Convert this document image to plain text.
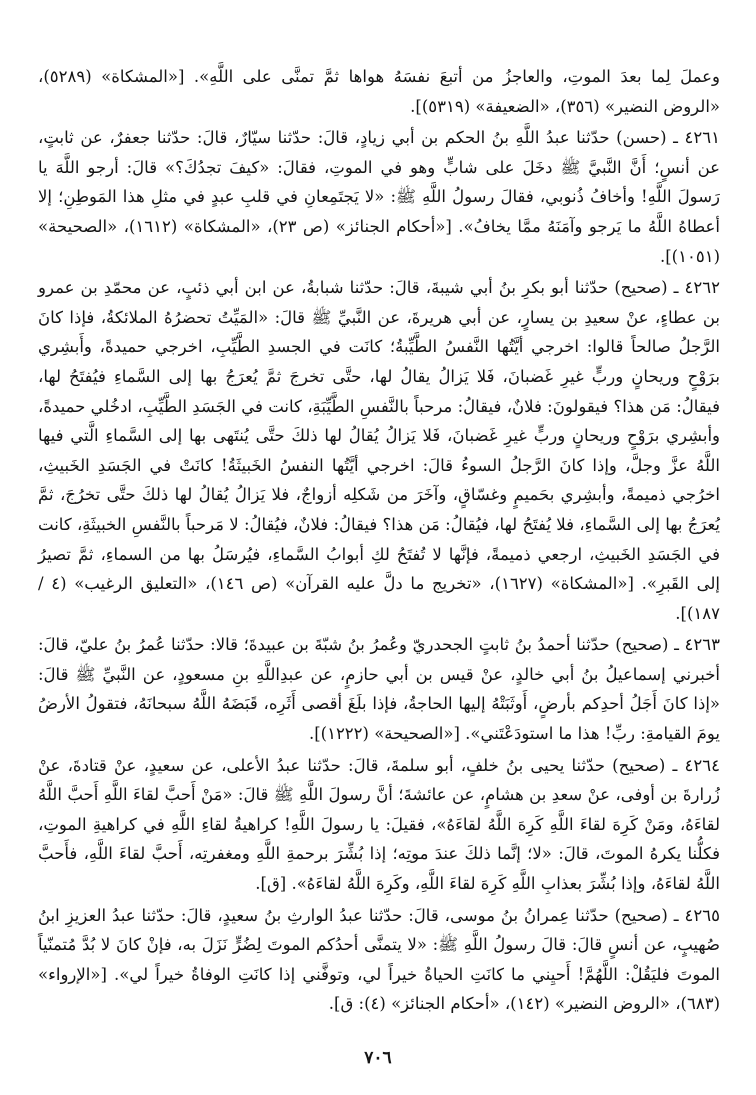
وعملَ لِما بعدَ الموتِ، والعاجزُ من أتبعَ نفسَهُ هواها ثمَّ تمنَّى على اللَّهِ». [«المشكاة» (٥٢٨٩)، «الروض النضير» (٣٥٦)، «الضعيفة» (٥٣١٩)].

٤٢٦١ ـ (حسن) حدّثنا عبدُ اللَّهِ بنُ الحكم بن أبي زيادٍ، قالَ: حدّثنا سيّارٌ، قالَ: حدّثنا جعفرٌ، عن ثابتٍ، عن أنسٍ؛ أَنَّ النَّبيَّ ﷺ دخَلَ على شابٍّ وهو في الموتِ، فقالَ: «كيفَ تجدُكَ؟» قالَ: أرجو اللَّهَ يا رَسولَ اللَّهِ! وأخافُ ذُنوبي، فقالَ رسولُ اللَّهِ ﷺ: «لا يَجتَمِعانِ في قلبِ عبدٍ في مثلِ هذا المَوطِنِ؛ إلا أعطاهُ اللَّهُ ما يَرجو وآمَنَهُ ممَّا يخافُ». [«أحكام الجنائز» (ص ٢٣)، «المشكاة» (١٦١٢)، «الصحيحة» (١٠٥١)].

٤٢٦٢ ـ (صحيح) حدّثنا أبو بكرِ بنُ أبي شيبةَ، قالَ: حدّثنا شبابةُ، عن ابن أبي ذئبٍ، عن محمّدِ بن عمرو بن عطاءٍ، عنْ سعيدِ بن يسارٍ، عن أبي هريرةَ، عن النَّبيِّ ﷺ قالَ: «المَيِّتُ تحضرُهُ الملائكةُ، فإذا كانَ الرَّجلُ صالحاً قالوا: اخرجي أيَّتُها النَّفسُ الطَّيِّبةُ؛ كانَت في الجسدِ الطَّيِّبِ، اخرجي حميدةً، وأَبشِري برَوْحٍ وريحانٍ وربٍّ غيرِ غَضبانَ، فَلا يَزالُ يقالُ لها، حتَّى تخرجَ ثمَّ يُعرَجُ بها إلى السَّماءِ فيُفتَحُ لها، فيقالُ: مَن هذا؟ فيقولونَ: فلانٌ، فيقالُ: مرحباً بالنَّفسِ الطَّيِّبَةِ، كانت في الجَسَدِ الطَّيِّبِ، ادخُلي حميدةً، وأبشِري برَوْحٍ وريحانٍ وربٍّ غيرِ غَضبانَ، فَلا يَزالُ يُقالُ لها ذلكَ حتَّى يُنتَهى بها إلى السَّماءِ الَّتي فيها اللَّهُ عزَّ وجلَّ، وإذا كانَ الرَّجلُ السوءُ قالَ: اخرجي أيَّتُها النفسُ الخَبيثَةُ! كانَتْ في الجَسَدِ الخَبيثِ، اخرُجي ذميمةً، وأبشِري بحَميمٍ وغسّاقٍ، وآخَرَ من شَكلِه أزواجٌ، فلا يَزالُ يُقالُ لها ذلكَ حتَّى تخرُجَ، ثمَّ يُعرَجُ بها إلى السَّماءِ، فلا يُفتَحُ لها، فيُقالُ: مَن هذا؟ فيقالُ: فلانٌ، فيُقالُ: لا مَرحباً بالنَّفسِ الخبيثَةِ، كانت في الجَسَدِ الخَبيثِ، ارجعي ذميمةً، فإنَّها لا تُفتَحُ لكِ أبوابُ السَّماءِ، فيُرسَلُ بها من السماءِ، ثمَّ تصيرُ إلى القَبرِ». [«المشكاة» (١٦٢٧)، «تخريج ما دلَّ عليه القرآن» (ص ١٤٦)، «التعليق الرغيب» (٤ / ١٨٧)].

٤٢٦٣ ـ (صحيح) حدّثنا أحمدُ بنُ ثابتٍ الجحدريّ وعُمرُ بنُ شبّةَ بن عبيدةَ؛ قالا: حدّثنا عُمرُ بنُ عليّ، قالَ: أخبرني إسماعيلُ بنُ أبي خالدٍ، عنْ قيس بن أبي حازمٍ، عن عبدِاللَّهِ بنِ مسعودٍ، عن النَّبيِّ ﷺ قالَ: «إذا كانَ أَجَلُ أحدِكم بأرضٍ، أَوثَبَتْهُ إليها الحاجةُ، فإذا بلَغَ أقصى أَثَرِه، قَبَضَهُ اللَّهُ سبحانَهُ، فتقولُ الأرضُ يومَ القيامةِ: ربِّ! هذا ما استودَعْتَني». [«الصحيحة» (١٢٢٢)].

٤٢٦٤ ـ (صحيح) حدّثنا يحيى بنُ خلفٍ، أبو سلمةَ، قالَ: حدّثنا عبدُ الأعلى، عن سعيدٍ، عنْ قتادةَ، عنْ زُرارةَ بن أوفى، عنْ سعدِ بن هشامٍ، عن عائشةَ؛ أنَّ رسولَ اللَّهِ ﷺ قالَ: «مَنْ أَحبَّ لقاءَ اللَّهِ أَحبَّ اللَّهُ لقاءَهُ، ومَنْ كَرِهَ لقاءَ اللَّهِ كَرِهَ اللَّهُ لقاءَهُ»، فقيلَ: يا رسولَ اللَّهِ! كراهيةُ لقاءِ اللَّهِ في كراهيةِ الموتِ، فكلُّنا يكرهُ الموتَ، قالَ: «لا؛ إنَّما ذلكَ عندَ موتِه؛ إذا بُشِّرَ برحمةِ اللَّهِ ومغفرتِه، أَحبَّ لقاءَ اللَّهِ، فأَحبَّ اللَّهُ لقاءَهُ، وإذا بُشِّرَ بعذابِ اللَّهِ كَرِهَ لقاءَ اللَّهِ، وكَرِهَ اللَّهُ لقاءَهُ». [ق].

٤٢٦٥ ـ (صحيح) حدّثنا عِمرانُ بنُ موسى، قالَ: حدّثنا عبدُ الوارثِ بنُ سعيدٍ، قالَ: حدّثنا عبدُ العزيزِ ابنُ صُهيبٍ، عن أنسٍ قالَ: قالَ رسولُ اللَّهِ ﷺ: «لا يتمنَّى أحدُكم الموتَ لِضُرٍّ نَزَلَ به، فإنْ كانَ لا بُدَّ مُتمنّياً الموتَ فليَقُلْ: اللَّهُمَّ! أَحيِني ما كانَتِ الحياةُ خيراً لي، وتوفَّني إذا كانَتِ الوفاةُ خيراً لي». [«الإرواء» (٦٨٣)، «الروض النضير» (١٤٢)، «أحكام الجنائز» (٤): ق].

٧٠٦
